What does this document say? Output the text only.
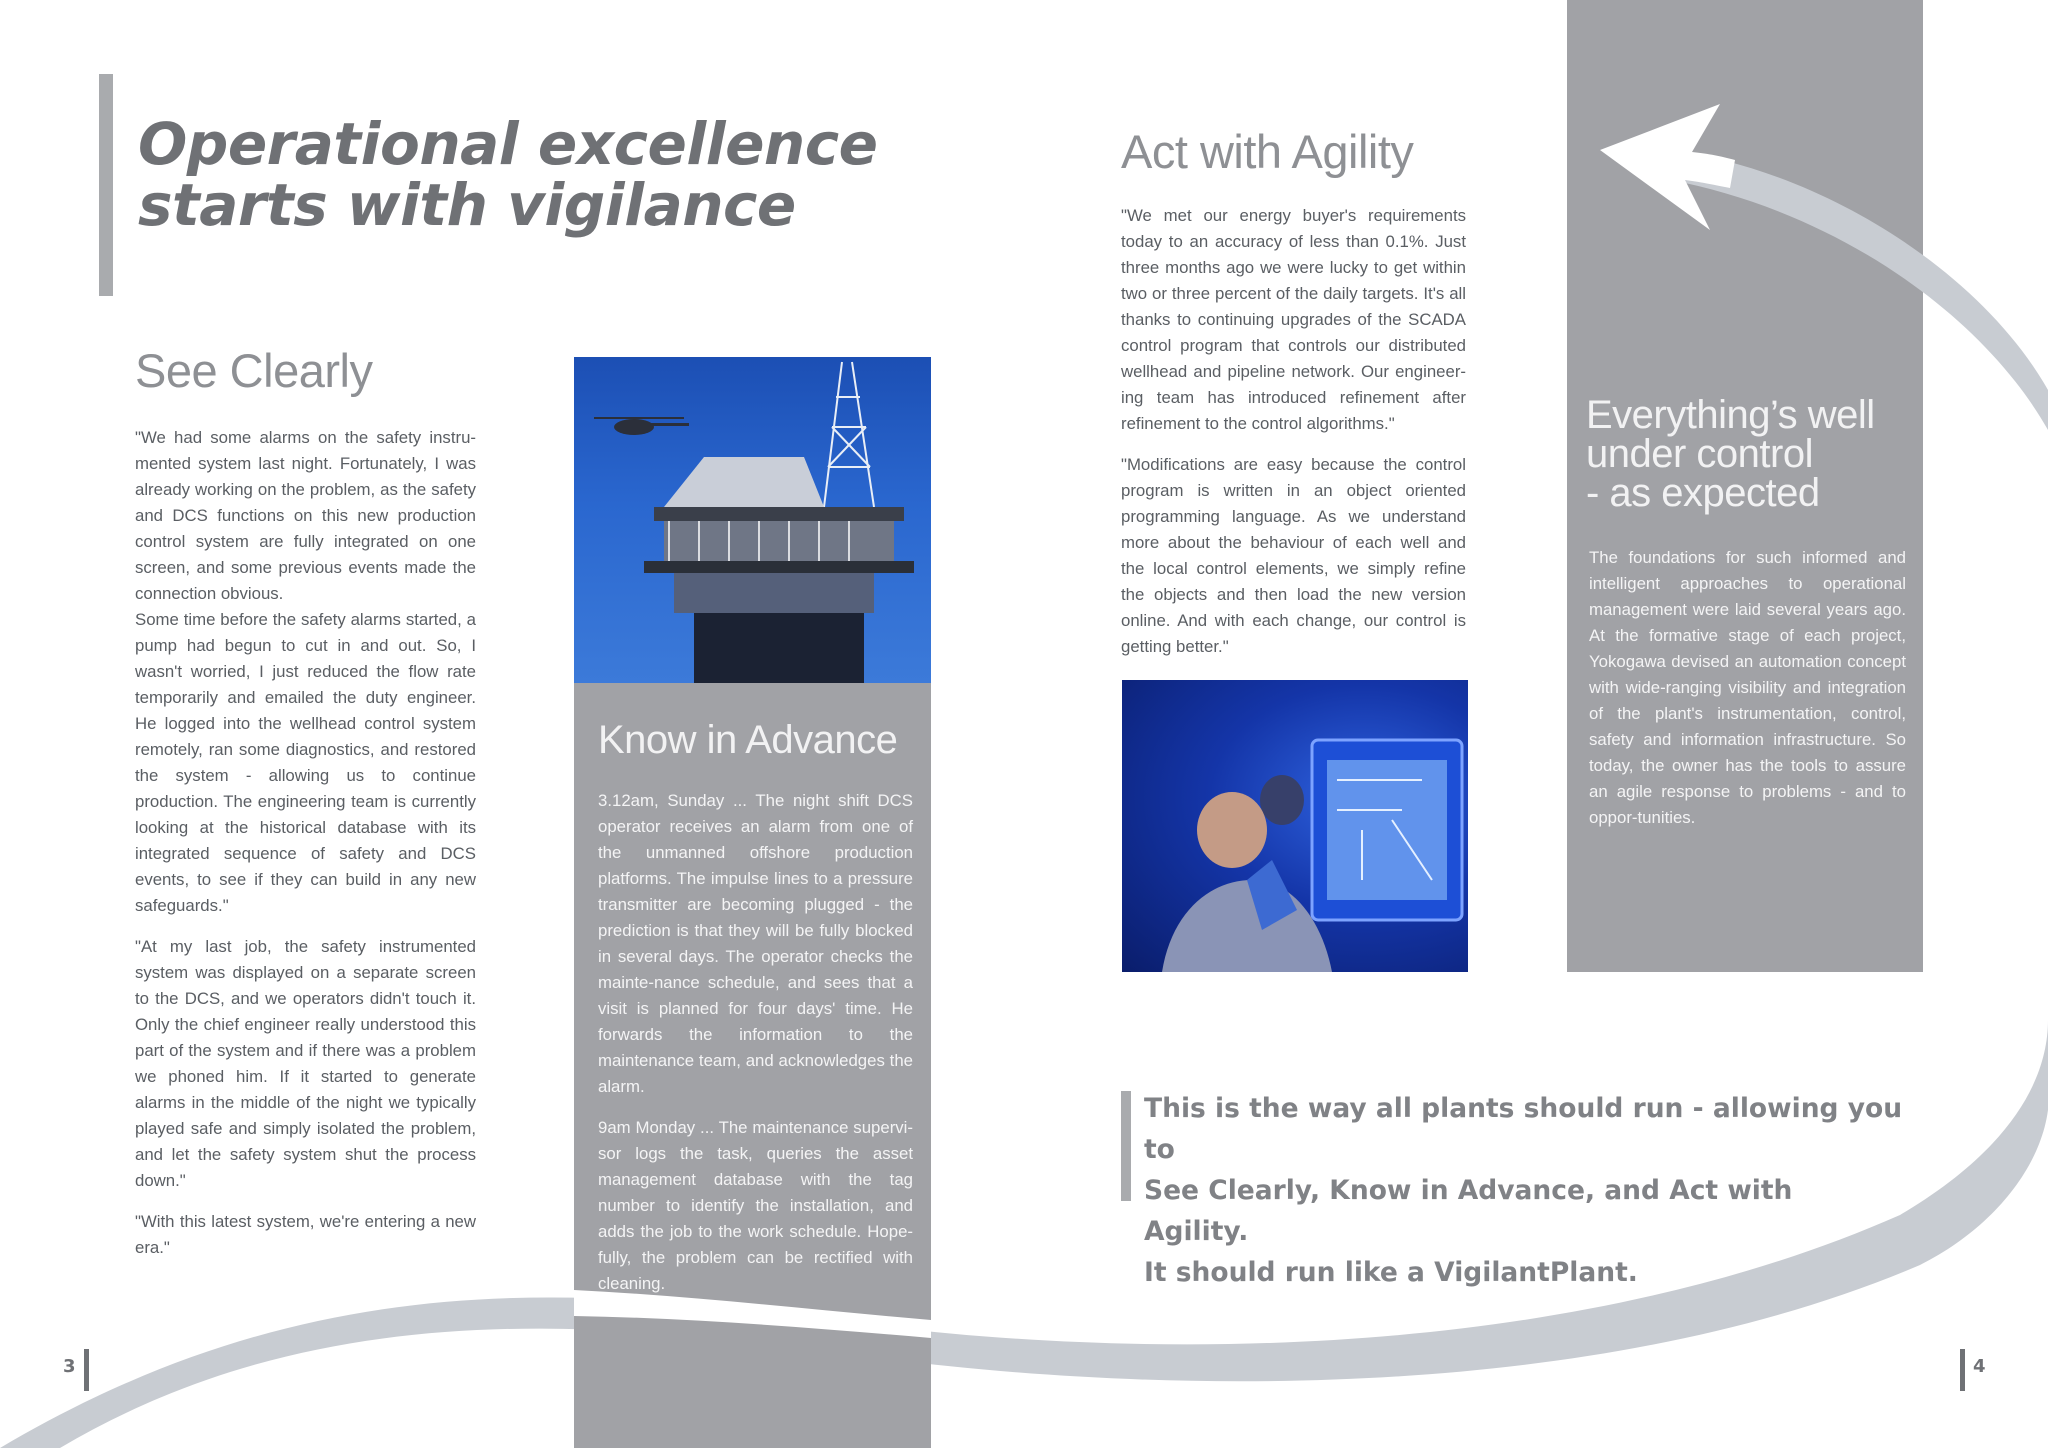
Operational excellence starts with vigilance
See Clearly

"We had some alarms on the safety instru-mented system last night. Fortunately, I was already working on the problem, as the safety and DCS functions on this new production control system are fully integrated on one screen, and some previous events made the connection obvious.

Some time before the safety alarms started, a pump had begun to cut in and out. So, I wasn't worried, I just reduced the flow rate temporarily and emailed the duty engineer. He logged into the wellhead control system remotely, ran some diagnostics, and restored the system - allowing us to continue production. The engineering team is currently looking at the historical database with its integrated sequence of safety and DCS events, to see if they can build in any new safeguards."

"At my last job, the safety instrumented system was displayed on a separate screen to the DCS, and we operators didn't touch it. Only the chief engineer really understood this part of the system and if there was a problem we phoned him. If it started to generate alarms in the middle of the night we typically played safe and simply isolated the problem, and let the safety system shut the process down."

"With this latest system, we're entering a new era."

Know in Advance

3.12am, Sunday ... The night shift DCS operator receives an alarm from one of the unmanned offshore production platforms. The impulse lines to a pressure transmitter are becoming plugged - the prediction is that they will be fully blocked in several days. The operator checks the mainte-nance schedule, and sees that a visit is planned for four days' time. He forwards the information to the maintenance team, and acknowledges the alarm.

9am Monday ... The maintenance supervi-sor logs the task, queries the asset management database with the tag number to identify the installation, and adds the job to the work schedule. Hope-fully, the problem can be rectified with cleaning.

Act with Agility

"We met our energy buyer's requirements today to an accuracy of less than 0.1%. Just three months ago we were lucky to get within two or three percent of the daily targets. It's all thanks to continuing upgrades of the SCADA control program that controls our distributed wellhead and pipeline network. Our engineer-ing team has introduced refinement after refinement to the control algorithms."

"Modifications are easy because the control program is written in an object oriented programming language. As we understand more about the behaviour of each well and the local control elements, we simply refine the objects and then load the new version online. And with each change, our control is getting better."

Everything’s well
under control
- as expected

The foundations for such informed and intelligent approaches to operational management were laid several years ago. At the formative stage of each project, Yokogawa devised an automation concept with wide-ranging visibility and integration of the plant's instrumentation, control, safety and information infrastructure. So today, the owner has the tools to assure an agile response to problems - and to oppor-tunities.

This is the way all plants should run - allowing you to
See Clearly, Know in Advance, and Act with Agility.
It should run like a VigilantPlant.
3	4
